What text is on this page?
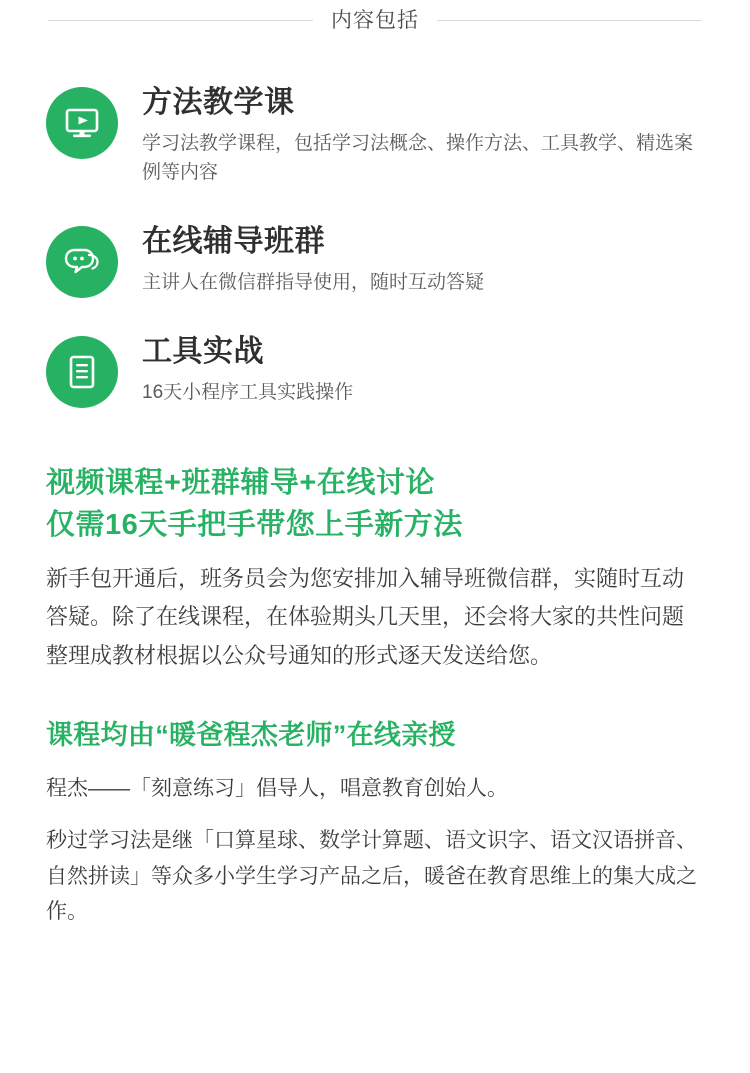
内容包括
方法教学课
学习法教学课程，包括学习法概念、操作方法、工具教学、精选案例等内容
在线辅导班群
主讲人在微信群指导使用，随时互动答疑
工具实战
16天小程序工具实践操作
视频课程+班群辅导+在线讨论
仅需16天手把手带您上手新方法
新手包开通后，班务员会为您安排加入辅导班微信群，实随时互动答疑。除了在线课程，在体验期头几天里，还会将大家的共性问题整理成教材根据以公众号通知的形式逐天发送给您。
课程均由“暖爸程杰老师”在线亲授
程杰——「刻意练习」倡导人，唱意教育创始人。
秒过学习法是继「口算星球、数学计算题、语文识字、语文汉语拼音、自然拼读」等众多小学生学习产品之后，暖爸在教育思维上的集大成之作。
